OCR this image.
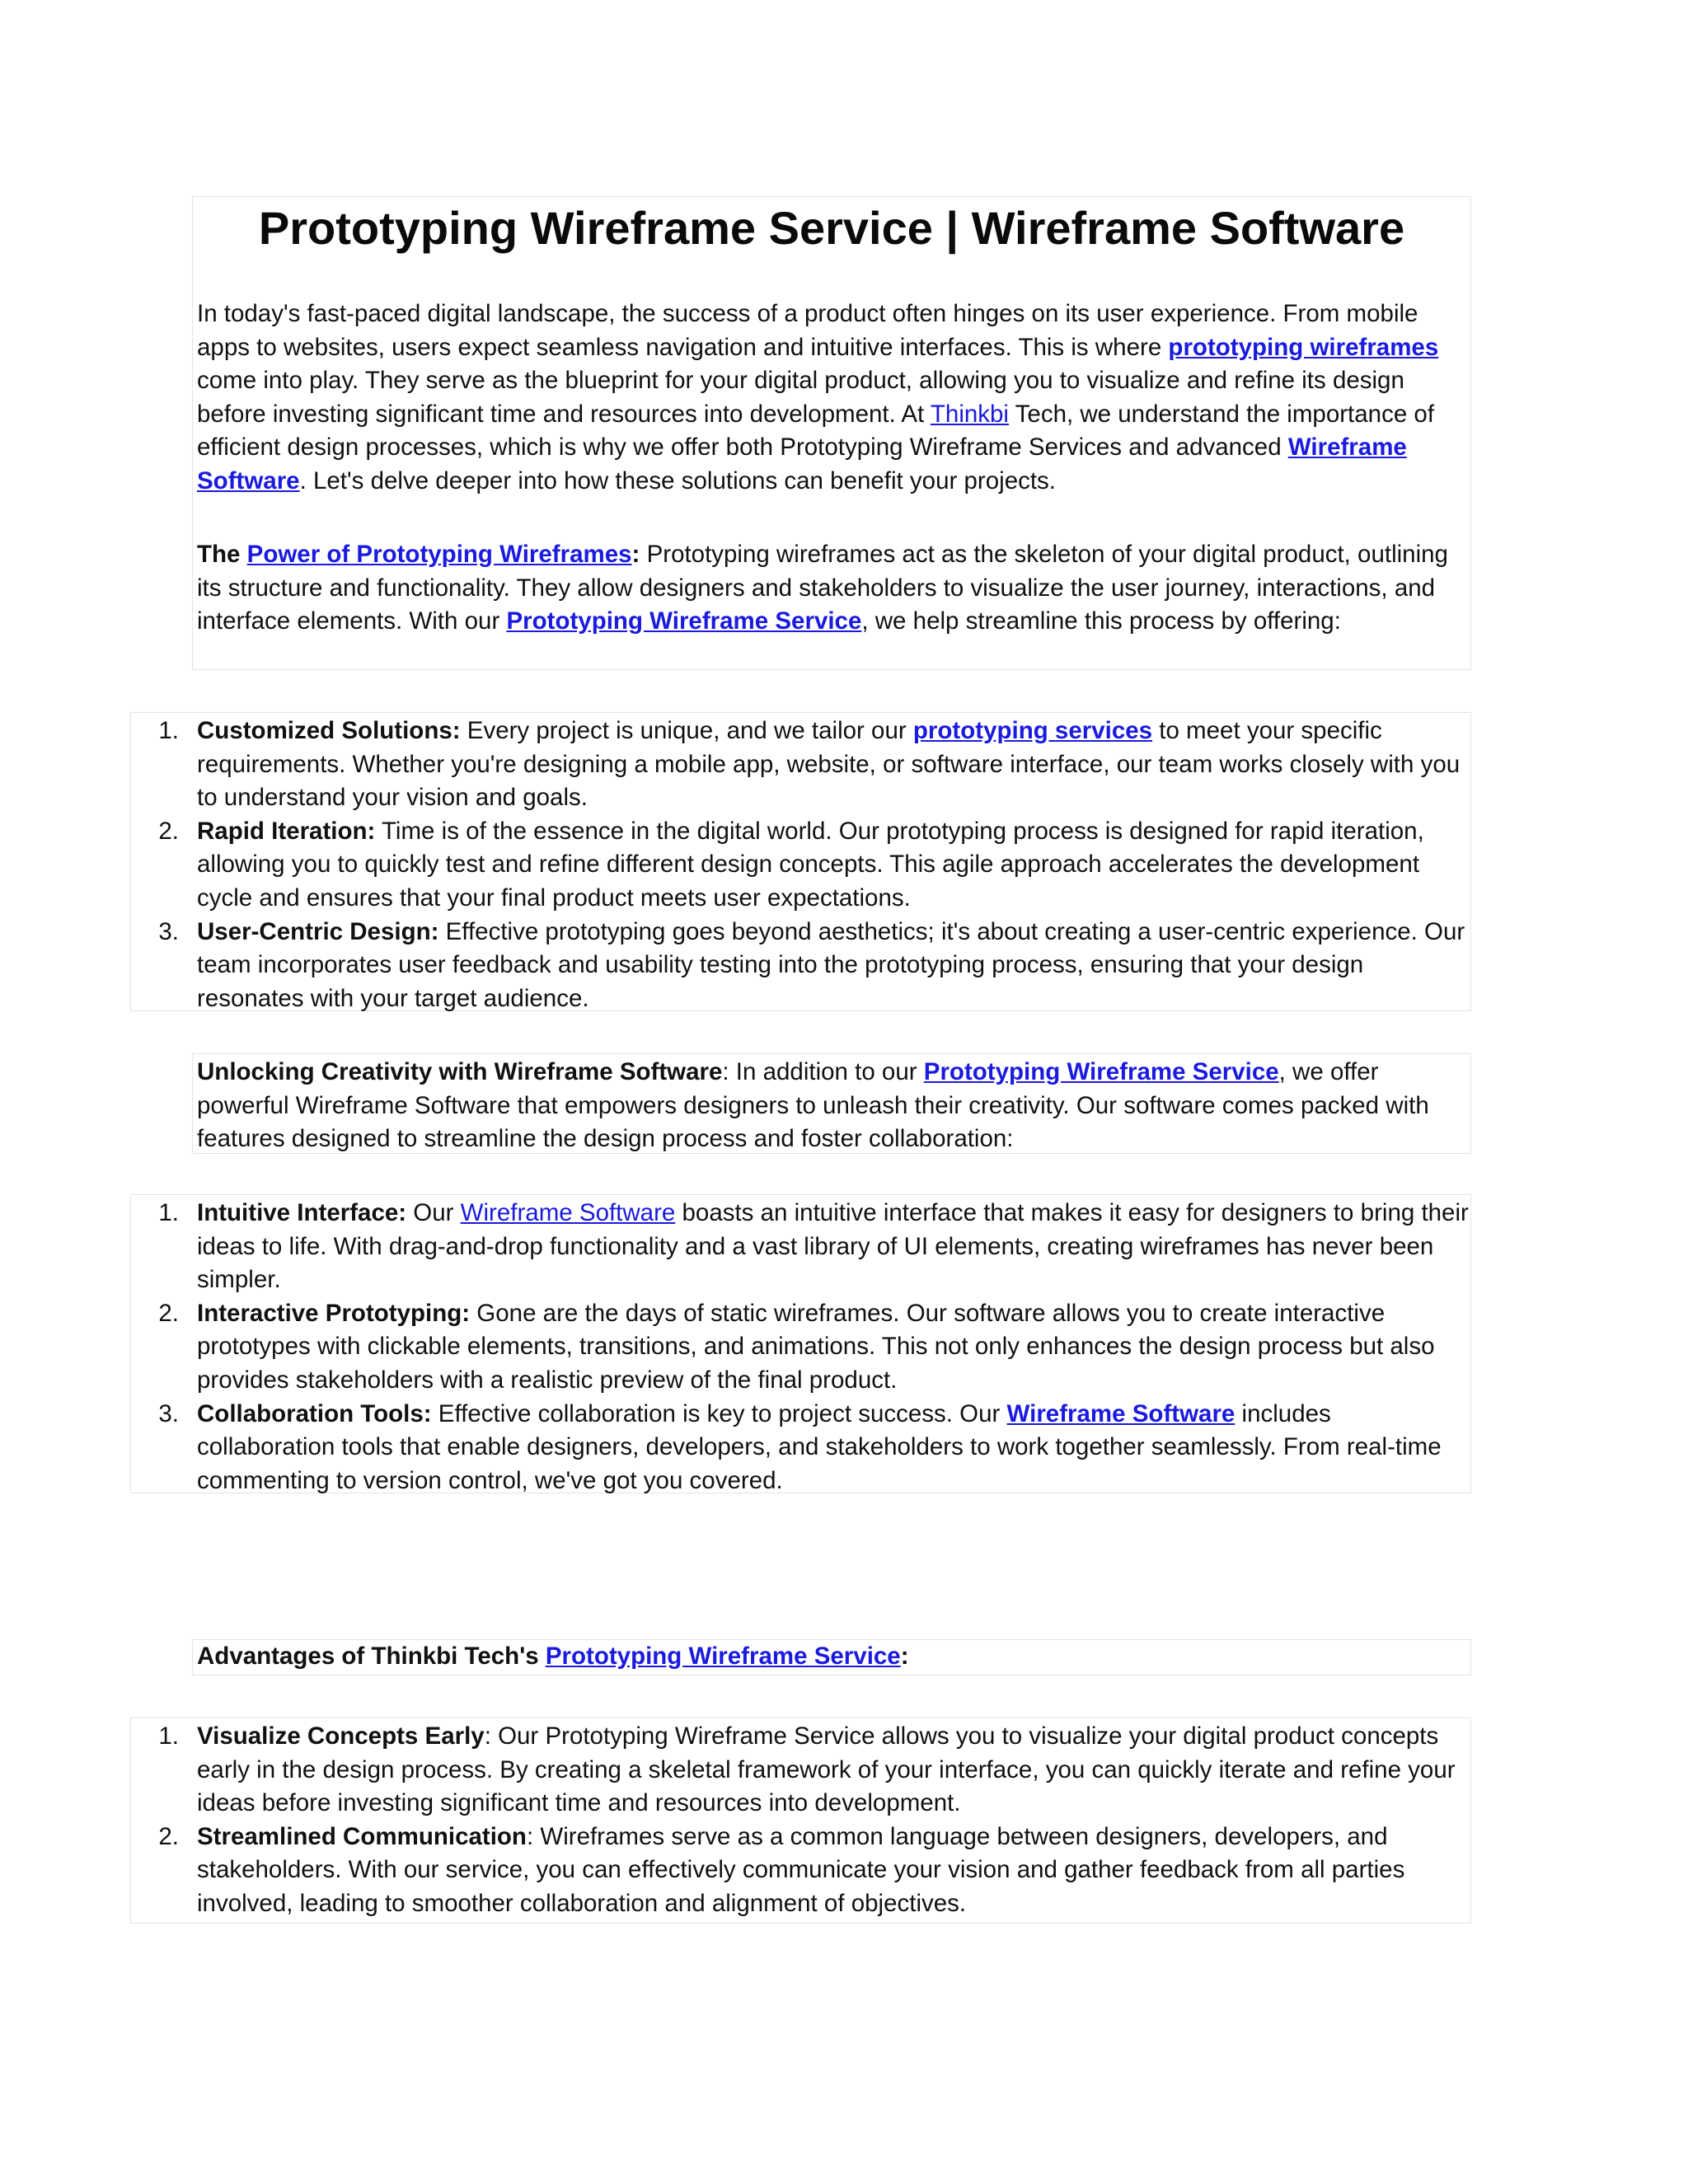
Prototyping Wireframe Service | Wireframe Software

In today's fast-paced digital landscape, the success of a product often hinges on its user experience. From mobile apps to websites, users expect seamless navigation and intuitive interfaces. This is where prototyping wireframes come into play. They serve as the blueprint for your digital product, allowing you to visualize and refine its design before investing significant time and resources into development. At Thinkbi Tech, we understand the importance of efficient design processes, which is why we offer both Prototyping Wireframe Services and advanced Wireframe Software. Let's delve deeper into how these solutions can benefit your projects.

The Power of Prototyping Wireframes: Prototyping wireframes act as the skeleton of your digital product, outlining its structure and functionality. They allow designers and stakeholders to visualize the user journey, interactions, and interface elements. With our Prototyping Wireframe Service, we help streamline this process by offering:

1. Customized Solutions: Every project is unique, and we tailor our prototyping services to meet your specific requirements. Whether you're designing a mobile app, website, or software interface, our team works closely with you to understand your vision and goals.
2. Rapid Iteration: Time is of the essence in the digital world. Our prototyping process is designed for rapid iteration, allowing you to quickly test and refine different design concepts. This agile approach accelerates the development cycle and ensures that your final product meets user expectations.
3. User-Centric Design: Effective prototyping goes beyond aesthetics; it's about creating a user-centric experience. Our team incorporates user feedback and usability testing into the prototyping process, ensuring that your design resonates with your target audience.

Unlocking Creativity with Wireframe Software: In addition to our Prototyping Wireframe Service, we offer powerful Wireframe Software that empowers designers to unleash their creativity. Our software comes packed with features designed to streamline the design process and foster collaboration:

1. Intuitive Interface: Our Wireframe Software boasts an intuitive interface that makes it easy for designers to bring their ideas to life. With drag-and-drop functionality and a vast library of UI elements, creating wireframes has never been simpler.
2. Interactive Prototyping: Gone are the days of static wireframes. Our software allows you to create interactive prototypes with clickable elements, transitions, and animations. This not only enhances the design process but also provides stakeholders with a realistic preview of the final product.
3. Collaboration Tools: Effective collaboration is key to project success. Our Wireframe Software includes collaboration tools that enable designers, developers, and stakeholders to work together seamlessly. From real-time commenting to version control, we've got you covered.

Advantages of Thinkbi Tech's Prototyping Wireframe Service:

1. Visualize Concepts Early: Our Prototyping Wireframe Service allows you to visualize your digital product concepts early in the design process. By creating a skeletal framework of your interface, you can quickly iterate and refine your ideas before investing significant time and resources into development.
2. Streamlined Communication: Wireframes serve as a common language between designers, developers, and stakeholders. With our service, you can effectively communicate your vision and gather feedback from all parties involved, leading to smoother collaboration and alignment of objectives.
